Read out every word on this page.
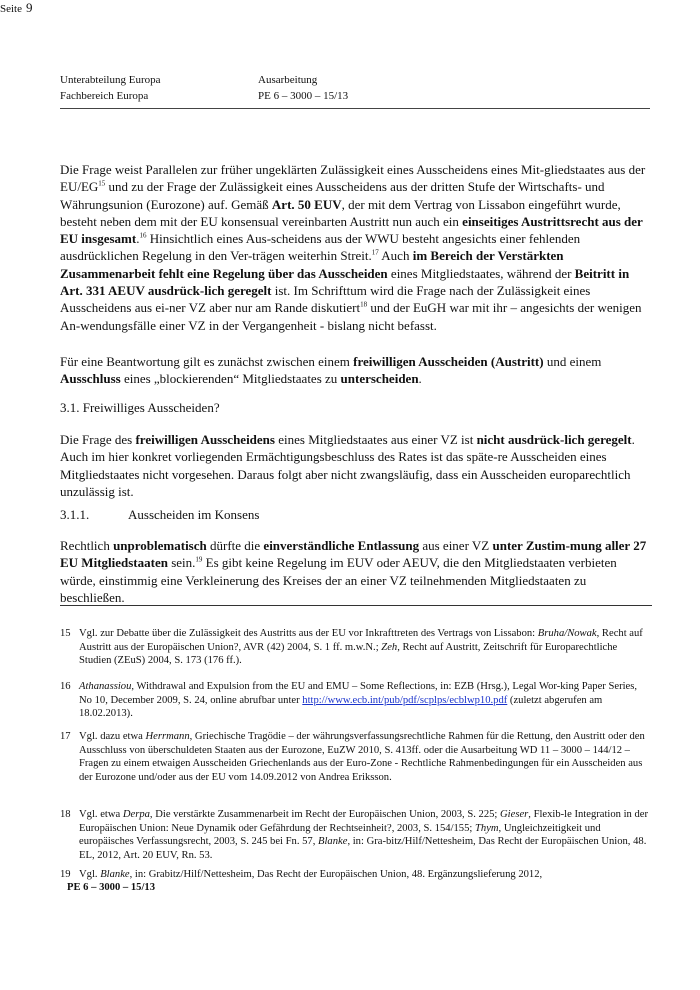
Unterabteilung Europa
Fachbereich Europa
Ausarbeitung
PE 6 – 3000 – 15/13
Seite 9

Die Frage weist Parallelen zur früher ungeklärten Zulässigkeit eines Ausscheidens eines Mit-gliedstaates aus der EU/EG$^{15}$ und zu der Frage der Zulässigkeit eines Ausscheidens aus der dritten Stufe der Wirtschafts- und Währungsunion (Eurozone) auf. Gemäß Art. 50 EUV, der mit dem Vertrag von Lissabon eingeführt wurde, besteht neben dem mit der EU konsensual vereinbarten Austritt nun auch ein einseitiges Austrittsrecht aus der EU insgesamt.$^{16}$ Hinsichtlich eines Aus-scheidens aus der WWU besteht angesichts einer fehlenden ausdrücklichen Regelung in den Ver-trägen weiterhin Streit.$^{17}$ Auch im Bereich der Verstärkten Zusammenarbeit fehlt eine Regelung über das Ausscheiden eines Mitgliedstaates, während der Beitritt in Art. 331 AEUV ausdrück-lich geregelt ist. Im Schrifttum wird die Frage nach der Zulässigkeit eines Ausscheidens aus ei-ner VZ aber nur am Rande diskutiert$^{18}$ und der EuGH war mit ihr – angesichts der wenigen An-wendungsfälle einer VZ in der Vergangenheit - bislang nicht befasst.

Für eine Beantwortung gilt es zunächst zwischen einem freiwilligen Ausscheiden (Austritt) und einem Ausschluss eines „blockierenden“ Mitgliedstaates zu unterscheiden.

3.1. Freiwilliges Ausscheiden?

Die Frage des freiwilligen Ausscheidens eines Mitgliedstaates aus einer VZ ist nicht ausdrück-lich geregelt. Auch im hier konkret vorliegenden Ermächtigungsbeschluss des Rates ist das späte-re Ausscheiden eines Mitgliedstaates nicht vorgesehen. Daraus folgt aber nicht zwangsläufig, dass ein Ausscheiden europarechtlich unzulässig ist.

3.1.1.	Ausscheiden im Konsens

Rechtlich unproblematisch dürfte die einverständliche Entlassung aus einer VZ unter Zustim-mung aller 27 EU Mitgliedstaaten sein.$^{19}$ Es gibt keine Regelung im EUV oder AEUV, die den Mitgliedstaaten verbieten würde, einstimmig eine Verkleinerung des Kreises der an einer VZ teilnehmenden Mitgliedstaaten zu beschließen.

15 Vgl. zur Debatte über die Zulässigkeit des Austritts aus der EU vor Inkrafttreten des Vertrags von Lissabon: Bruha/Nowak, Recht auf Austritt aus der Europäischen Union?, AVR (42) 2004, S. 1 ff. m.w.N.; Zeh, Recht auf Austritt, Zeitschrift für Europarechtliche Studien (ZEuS) 2004, S. 173 (176 ff.).
16 Athanassiou, Withdrawal and Expulsion from the EU and EMU – Some Reflections, in: EZB (Hrsg.), Legal Wor-king Paper Series, No 10, December 2009, S. 24, online abrufbar unter http://www.ecb.int/pub/pdf/scplps/ecblwp10.pdf (zuletzt abgerufen am 18.02.2013).
17 Vgl. dazu etwa Herrmann, Griechische Tragödie – der währungsverfassungsrechtliche Rahmen für die Rettung, den Austritt oder den Ausschluss von überschuldeten Staaten aus der Eurozone, EuZW 2010, S. 413ff. oder die Ausarbeitung WD 11 – 3000 – 144/12 – Fragen zu einem etwaigen Ausscheiden Griechenlands aus der Euro-Zone - Rechtliche Rahmenbedingungen für ein Ausscheiden aus der Eurozone und/oder aus der EU vom 14.09.2012 von Andrea Eriksson.
18 Vgl. etwa Derpa, Die verstärkte Zusammenarbeit im Recht der Europäischen Union, 2003, S. 225; Gieser, Flexib-le Integration in der Europäischen Union: Neue Dynamik oder Gefährdung der Rechtseinheit?, 2003, S. 154/155; Thym, Ungleichzeitigkeit und europäisches Verfassungsrecht, 2003, S. 245 bei Fn. 57, Blanke, in: Gra-bitz/Hilf/Nettesheim, Das Recht der Europäischen Union, 48. EL, 2012, Art. 20 EUV, Rn. 53.
19 Vgl. Blanke, in: Grabitz/Hilf/Nettesheim, Das Recht der Europäischen Union, 48. Ergänzungslieferung 2012,
PE 6 – 3000 – 15/13
